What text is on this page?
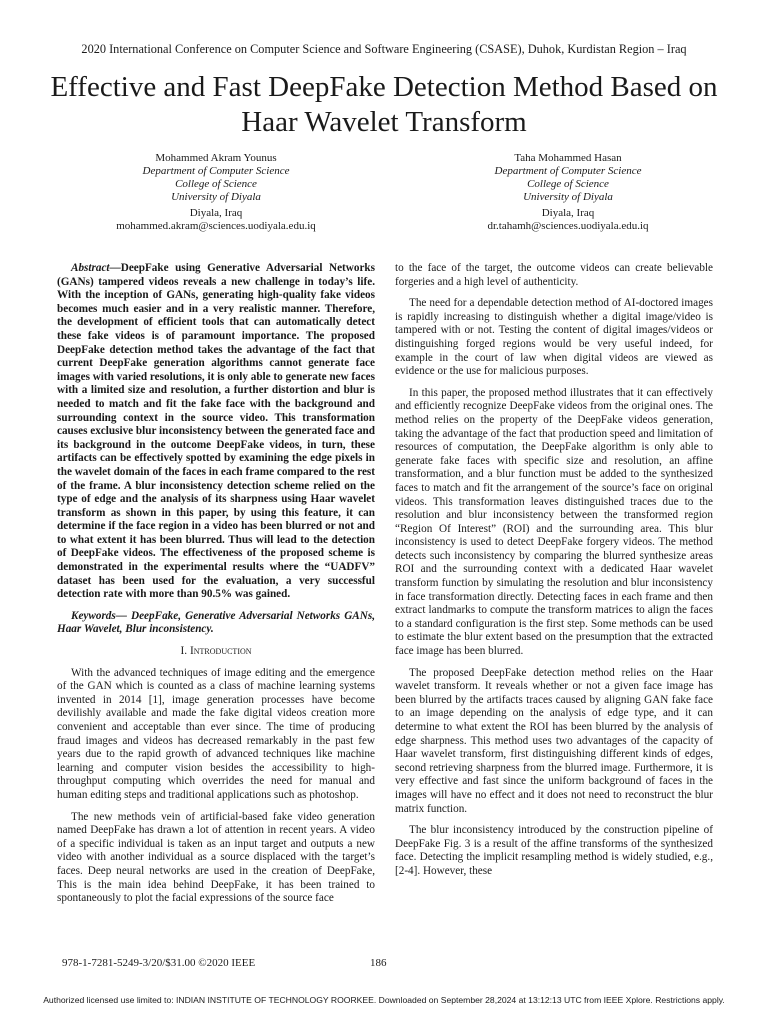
2020 International Conference on Computer Science and Software Engineering (CSASE), Duhok, Kurdistan Region – Iraq
Effective and Fast DeepFake Detection Method Based on Haar Wavelet Transform
Mohammed Akram Younus
Department of Computer Science
College of Science
University of Diyala
Diyala, Iraq
mohammed.akram@sciences.uodiyala.edu.iq
Taha Mohammed Hasan
Department of Computer Science
College of Science
University of Diyala
Diyala, Iraq
dr.tahamh@sciences.uodiyala.edu.iq

Abstract—DeepFake using Generative Adversarial Networks (GANs) tampered videos reveals a new challenge in today’s life. With the inception of GANs, generating high-quality fake videos becomes much easier and in a very realistic manner. Therefore, the development of efficient tools that can automatically detect these fake videos is of paramount importance. The proposed DeepFake detection method takes the advantage of the fact that current DeepFake generation algorithms cannot generate face images with varied resolutions, it is only able to generate new faces with a limited size and resolution, a further distortion and blur is needed to match and fit the fake face with the background and surrounding context in the source video. This transformation causes exclusive blur inconsistency between the generated face and its background in the outcome DeepFake videos, in turn, these artifacts can be effectively spotted by examining the edge pixels in the wavelet domain of the faces in each frame compared to the rest of the frame. A blur inconsistency detection scheme relied on the type of edge and the analysis of its sharpness using Haar wavelet transform as shown in this paper, by using this feature, it can determine if the face region in a video has been blurred or not and to what extent it has been blurred. Thus will lead to the detection of DeepFake videos. The effectiveness of the proposed scheme is demonstrated in the experimental results where the “UADFV” dataset has been used for the evaluation, a very successful detection rate with more than 90.5% was gained.

Keywords— DeepFake, Generative Adversarial Networks GANs, Haar Wavelet, Blur inconsistency.

I. Introduction

With the advanced techniques of image editing and the emergence of the GAN which is counted as a class of machine learning systems invented in 2014 [1], image generation processes have become devilishly available and made the fake digital videos creation more convenient and acceptable than ever since. The time of producing fraud images and videos has decreased remarkably in the past few years due to the rapid growth of advanced techniques like machine learning and computer vision besides the accessibility to high-throughput computing which overrides the need for manual and human editing steps and traditional applications such as photoshop.

The new methods vein of artificial-based fake video generation named DeepFake has drawn a lot of attention in recent years. A video of a specific individual is taken as an input target and outputs a new video with another individual as a source displaced with the target’s faces. Deep neural networks are used in the creation of DeepFake, This is the main idea behind DeepFake, it has been trained to spontaneously to plot the facial expressions of the source face

to the face of the target, the outcome videos can create believable forgeries and a high level of authenticity.

The need for a dependable detection method of AI-doctored images is rapidly increasing to distinguish whether a digital image/video is tampered with or not. Testing the content of digital images/videos or distinguishing forged regions would be very useful indeed, for example in the court of law when digital videos are viewed as evidence or the use for malicious purposes.

In this paper, the proposed method illustrates that it can effectively and efficiently recognize DeepFake videos from the original ones. The method relies on the property of the DeepFake videos generation, taking the advantage of the fact that production speed and limitation of resources of computation, the DeepFake algorithm is only able to generate fake faces with specific size and resolution, an affine transformation, and a blur function must be added to the synthesized faces to match and fit the arrangement of the source’s face on original videos. This transformation leaves distinguished traces due to the resolution and blur inconsistency between the transformed region “Region Of Interest” (ROI) and the surrounding area. This blur inconsistency is used to detect DeepFake forgery videos. The method detects such inconsistency by comparing the blurred synthesize areas ROI and the surrounding context with a dedicated Haar wavelet transform function by simulating the resolution and blur inconsistency in face transformation directly. Detecting faces in each frame and then extract landmarks to compute the transform matrices to align the faces to a standard configuration is the first step. Some methods can be used to estimate the blur extent based on the presumption that the extracted face image has been blurred.

The proposed DeepFake detection method relies on the Haar wavelet transform. It reveals whether or not a given face image has been blurred by the artifacts traces caused by aligning GAN fake face to an image depending on the analysis of edge type, and it can determine to what extent the ROI has been blurred by the analysis of edge sharpness. This method uses two advantages of the capacity of Haar wavelet transform, first distinguishing different kinds of edges, second retrieving sharpness from the blurred image. Furthermore, it is very effective and fast since the uniform background of faces in the images will have no effect and it does not need to reconstruct the blur matrix function.

The blur inconsistency introduced by the construction pipeline of DeepFake Fig. 3 is a result of the affine transforms of the synthesized face. Detecting the implicit resampling method is widely studied, e.g., [2-4]. However, these

978-1-7281-5249-3/20/$31.00 ©2020 IEEE	186
Authorized licensed use limited to: INDIAN INSTITUTE OF TECHNOLOGY ROORKEE. Downloaded on September 28,2024 at 13:12:13 UTC from IEEE Xplore. Restrictions apply.
